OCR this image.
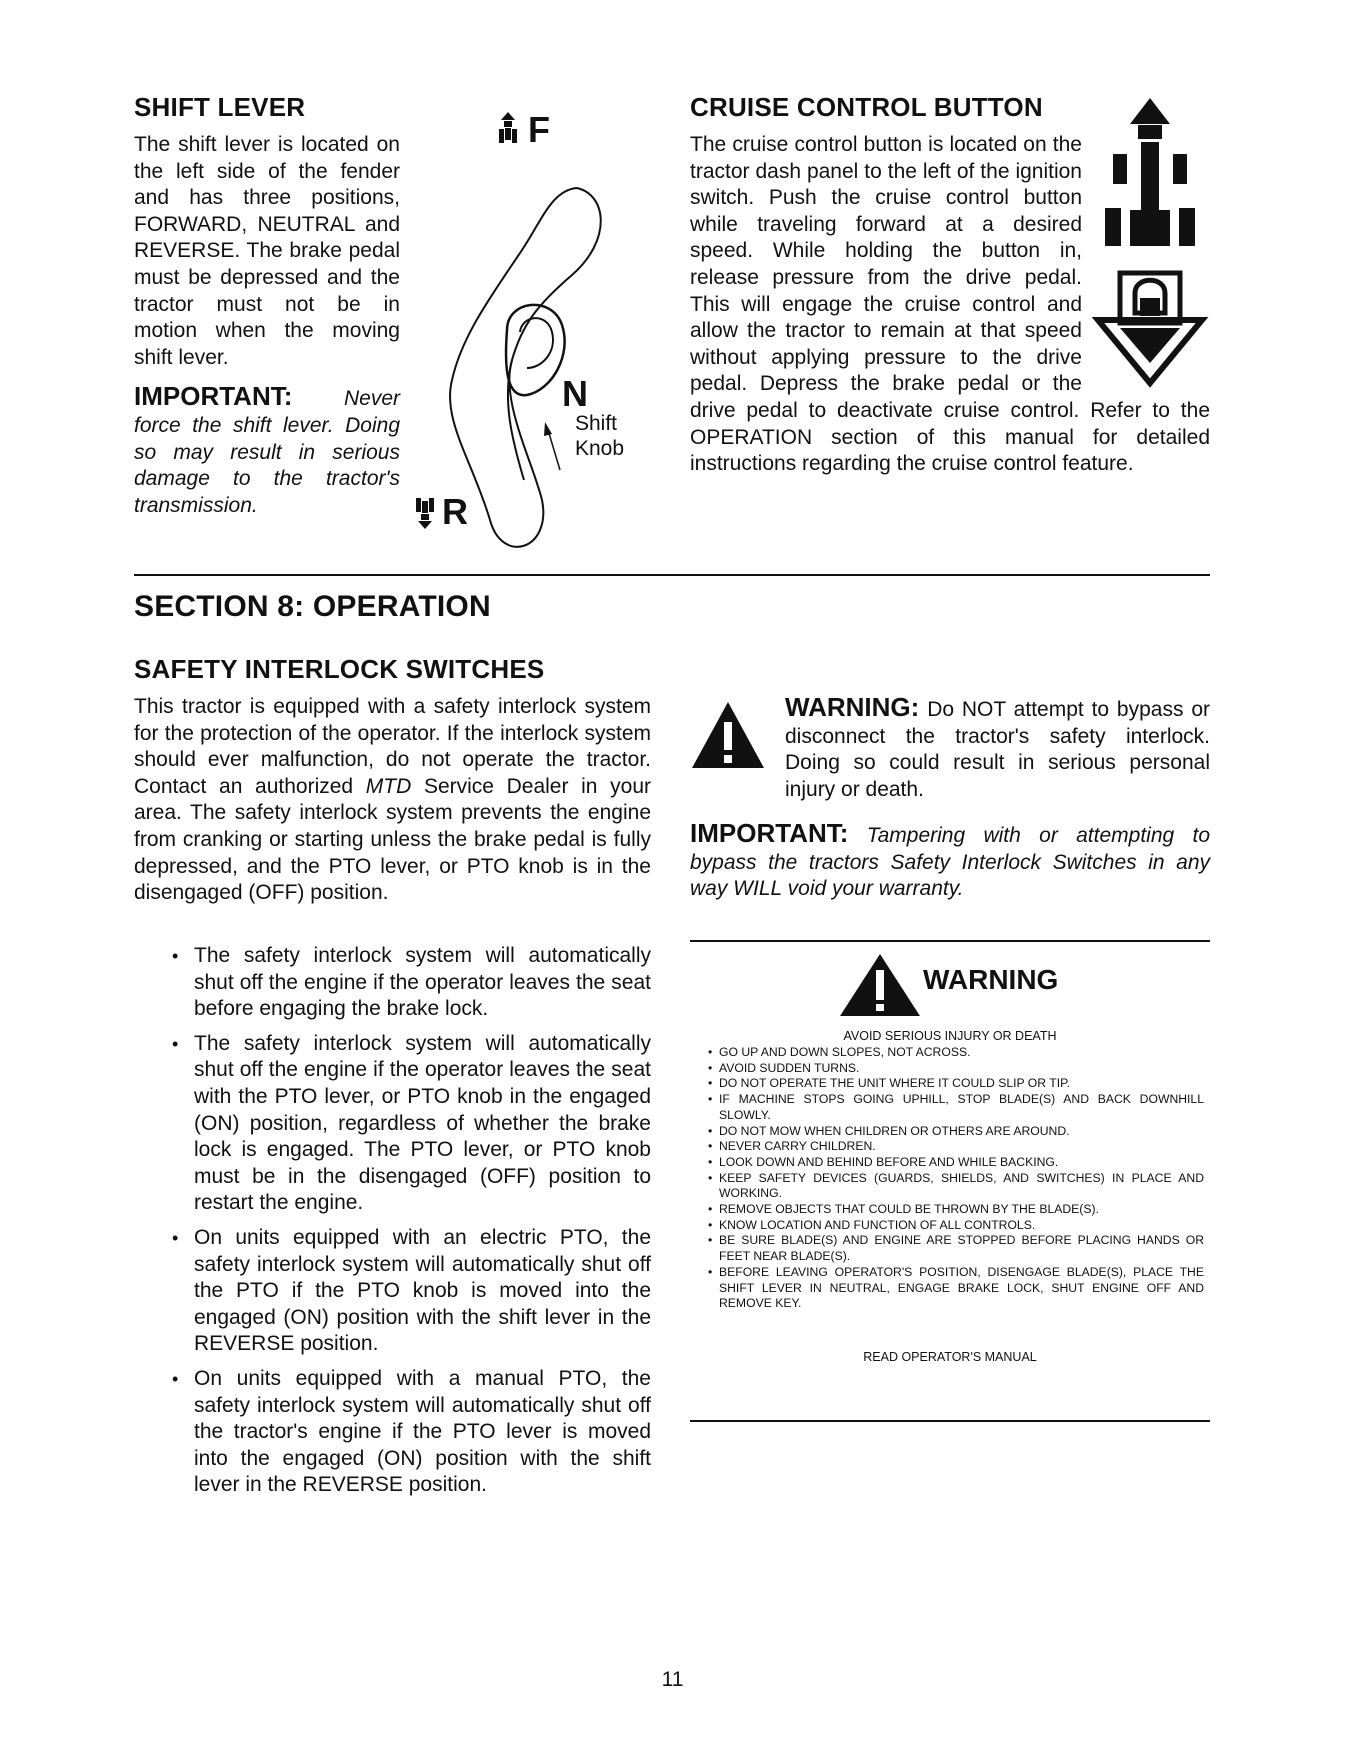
SHIFT LEVER

The shift lever is located on the left side of the fender and has three positions, FORWARD, NEUTRAL and REVERSE. The brake pedal must be depressed and the tractor must not be in motion when the moving shift lever.

IMPORTANT: Never force the shift lever. Doing so may result in serious damage to the tractor's transmission.

F
N
R
Shift
Knob
CRUISE CONTROL BUTTON

The cruise control button is located on the tractor dash panel to the left of the ignition switch. Push the cruise control button while traveling forward at a desired speed. While holding the button in, release pressure from the drive pedal. This will engage the cruise control and allow the tractor to remain at that speed without applying pressure to the drive pedal. Depress the brake pedal or the drive pedal to deactivate cruise control. Refer to the OPERATION section of this manual for detailed instructions regarding the cruise control feature.

SECTION 8: OPERATION
SAFETY INTERLOCK SWITCHES

This tractor is equipped with a safety interlock system for the protection of the operator. If the interlock system should ever malfunction, do not operate the tractor. Contact an authorized MTD Service Dealer in your area. The safety interlock system prevents the engine from cranking or starting unless the brake pedal is fully depressed, and the PTO lever, or PTO knob is in the disengaged (OFF) position.

• The safety interlock system will automatically shut off the engine if the operator leaves the seat before engaging the brake lock.
• The safety interlock system will automatically shut off the engine if the operator leaves the seat with the PTO lever, or PTO knob in the engaged (ON) position, regardless of whether the brake lock is engaged. The PTO lever, or PTO knob must be in the disengaged (OFF) position to restart the engine.
• On units equipped with an electric PTO, the safety interlock system will automatically shut off the PTO if the PTO knob is moved into the engaged (ON) position with the shift lever in the REVERSE position.
• On units equipped with a manual PTO, the safety interlock system will automatically shut off the tractor's engine if the PTO lever is moved into the engaged (ON) position with the shift lever in the REVERSE position.

WARNING: Do NOT attempt to bypass or disconnect the tractor's safety interlock. Doing so could result in serious personal injury or death.

IMPORTANT: Tampering with or attempting to bypass the tractors Safety Interlock Switches in any way WILL void your warranty.

WARNING
AVOID SERIOUS INJURY OR DEATH
• GO UP AND DOWN SLOPES, NOT ACROSS.
• AVOID SUDDEN TURNS.
• DO NOT OPERATE THE UNIT WHERE IT COULD SLIP OR TIP.
• IF MACHINE STOPS GOING UPHILL, STOP BLADE(S) AND BACK DOWNHILL SLOWLY.
• DO NOT MOW WHEN CHILDREN OR OTHERS ARE AROUND.
• NEVER CARRY CHILDREN.
• LOOK DOWN AND BEHIND BEFORE AND WHILE BACKING.
• KEEP SAFETY DEVICES (GUARDS, SHIELDS, AND SWITCHES) IN PLACE AND WORKING.
• REMOVE OBJECTS THAT COULD BE THROWN BY THE BLADE(S).
• KNOW LOCATION AND FUNCTION OF ALL CONTROLS.
• BE SURE BLADE(S) AND ENGINE ARE STOPPED BEFORE PLACING HANDS OR FEET NEAR BLADE(S).
• BEFORE LEAVING OPERATOR'S POSITION, DISENGAGE BLADE(S), PLACE THE SHIFT LEVER IN NEUTRAL, ENGAGE BRAKE LOCK, SHUT ENGINE OFF AND REMOVE KEY.
READ OPERATOR'S MANUAL
11
